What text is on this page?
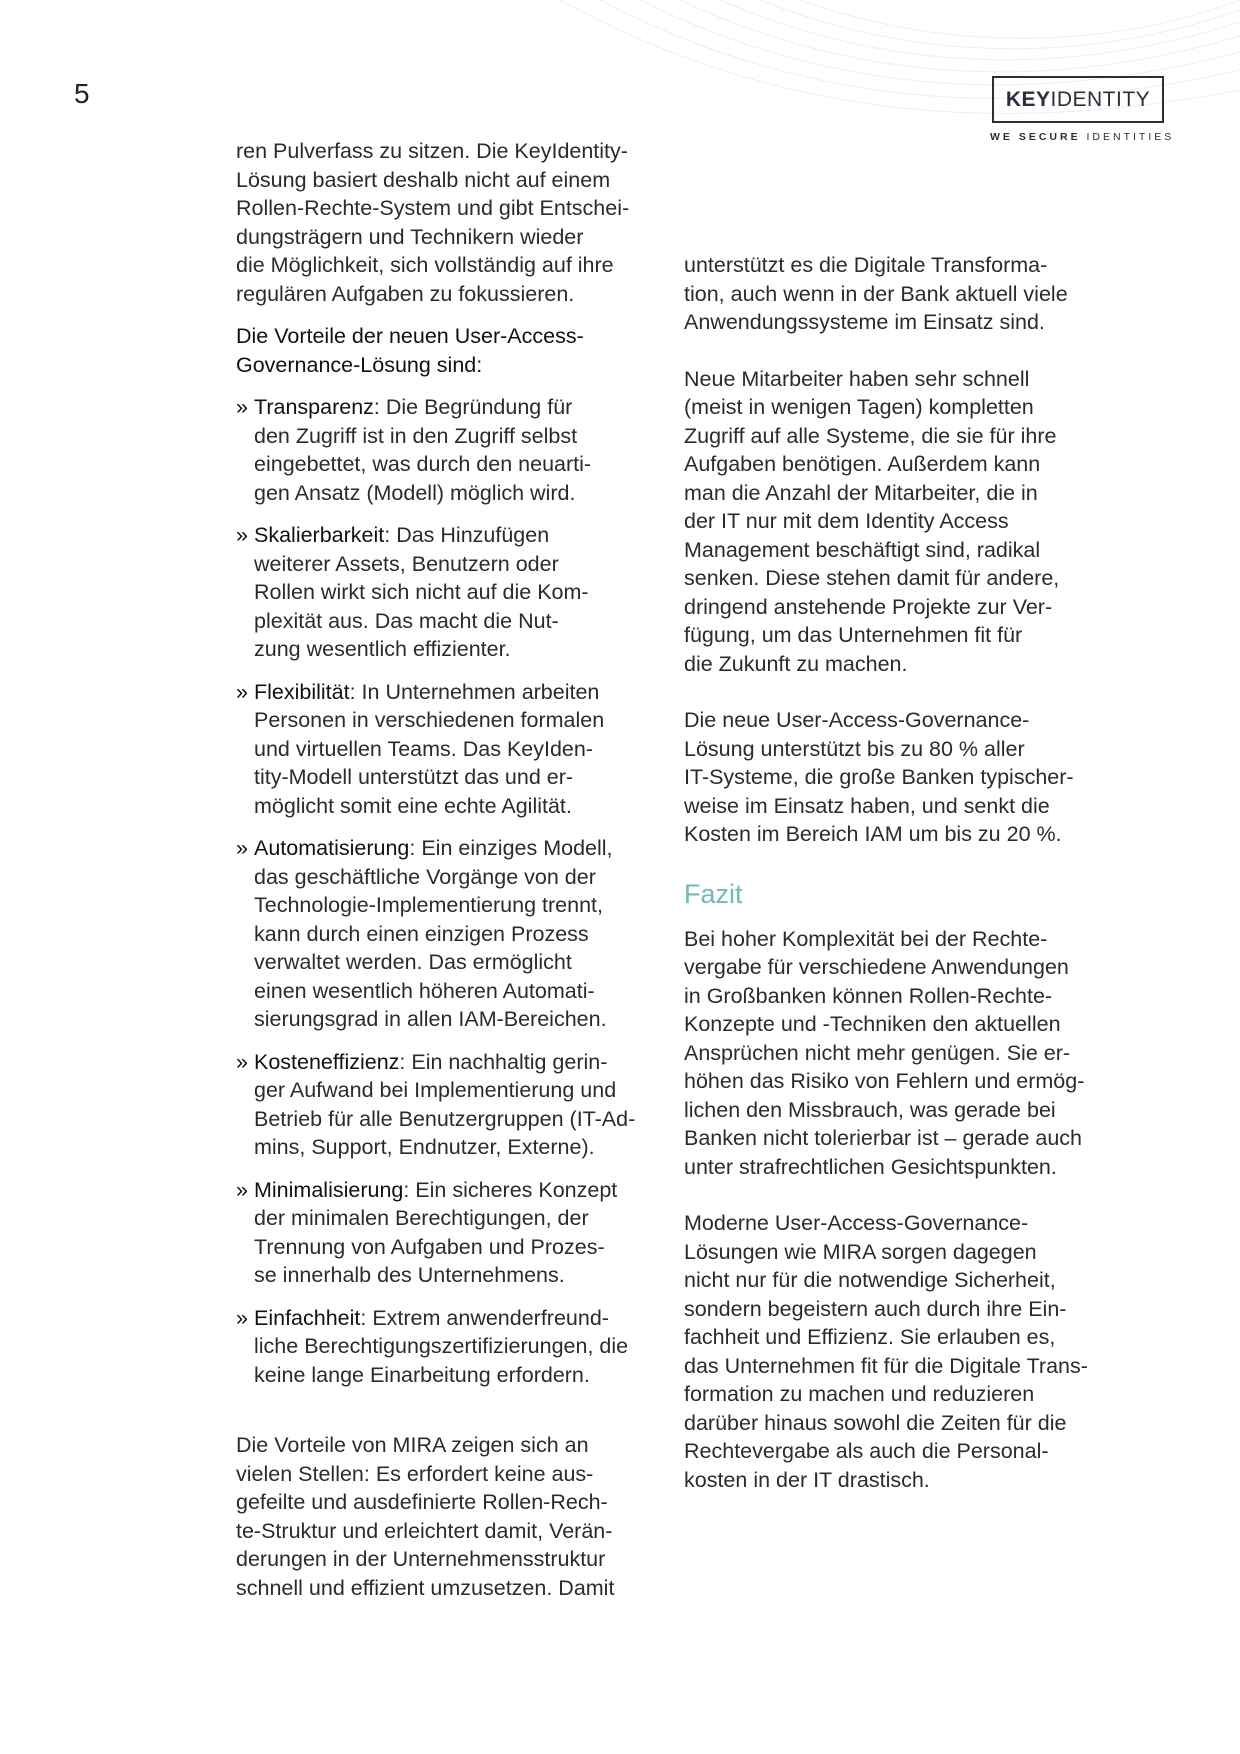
5	KEY IDENTITY
WE SECURE IDENTITIES

ren Pulverfass zu sitzen. Die KeyIdentity-
Lösung basiert deshalb nicht auf einem
Rollen-Rechte-System und gibt Entschei-
dungsträgern und Technikern wieder
die Möglichkeit, sich vollständig auf ihre
regulären Aufgaben zu fokussieren.

Die Vorteile der neuen User-Access-
Governance-Lösung sind:

» Transparenz: Die Begründung für
den Zugriff ist in den Zugriff selbst
eingebettet, was durch den neuarti-
gen Ansatz (Modell) möglich wird.
» Skalierbarkeit: Das Hinzufügen
weiterer Assets, Benutzern oder
Rollen wirkt sich nicht auf die Kom-
plexität aus. Das macht die Nut-
zung wesentlich effizienter.
» Flexibilität: In Unternehmen arbeiten
Personen in verschiedenen formalen
und virtuellen Teams. Das KeyIden-
tity-Modell unterstützt das und er-
möglicht somit eine echte Agilität.
» Automatisierung: Ein einziges Modell,
das geschäftliche Vorgänge von der
Technologie-Implementierung trennt,
kann durch einen einzigen Prozess
verwaltet werden. Das ermöglicht
einen wesentlich höheren Automati-
sierungsgrad in allen IAM-Bereichen.
» Kosteneffizienz: Ein nachhaltig gerin-
ger Aufwand bei Implementierung und
Betrieb für alle Benutzergruppen (IT-Ad-
mins, Support, Endnutzer, Externe).
» Minimalisierung: Ein sicheres Konzept
der minimalen Berechtigungen, der
Trennung von Aufgaben und Prozes-
se innerhalb des Unternehmens.
» Einfachheit: Extrem anwenderfreund-
liche Berechtigungszertifizierungen, die
keine lange Einarbeitung erfordern.

Die Vorteile von MIRA zeigen sich an
vielen Stellen: Es erfordert keine aus-
gefeilte und ausdefinierte Rollen-Rech-
te-Struktur und erleichtert damit, Verän-
derungen in der Unternehmensstruktur
schnell und effizient umzusetzen. Damit

unterstützt es die Digitale Transforma-
tion, auch wenn in der Bank aktuell viele
Anwendungssysteme im Einsatz sind.

Neue Mitarbeiter haben sehr schnell
(meist in wenigen Tagen) kompletten
Zugriff auf alle Systeme, die sie für ihre
Aufgaben benötigen. Außerdem kann
man die Anzahl der Mitarbeiter, die in
der IT nur mit dem Identity Access
Management beschäftigt sind, radikal
senken. Diese stehen damit für andere,
dringend anstehende Projekte zur Ver-
fügung, um das Unternehmen fit für
die Zukunft zu machen.

Die neue User-Access-Governance-
Lösung unterstützt bis zu 80 % aller
IT-Systeme, die große Banken typischer-
weise im Einsatz haben, und senkt die
Kosten im Bereich IAM um bis zu 20 %.

Fazit

Bei hoher Komplexität bei der Rechte-
vergabe für verschiedene Anwendungen
in Großbanken können Rollen-Rechte-
Konzepte und -Techniken den aktuellen
Ansprüchen nicht mehr genügen. Sie er-
höhen das Risiko von Fehlern und ermög-
lichen den Missbrauch, was gerade bei
Banken nicht tolerierbar ist – gerade auch
unter strafrechtlichen Gesichtspunkten.

Moderne User-Access-Governance-
Lösungen wie MIRA sorgen dagegen
nicht nur für die notwendige Sicherheit,
sondern begeistern auch durch ihre Ein-
fachheit und Effizienz. Sie erlauben es,
das Unternehmen fit für die Digitale Trans-
formation zu machen und reduzieren
darüber hinaus sowohl die Zeiten für die
Rechtevergabe als auch die Personal-
kosten in der IT drastisch.
